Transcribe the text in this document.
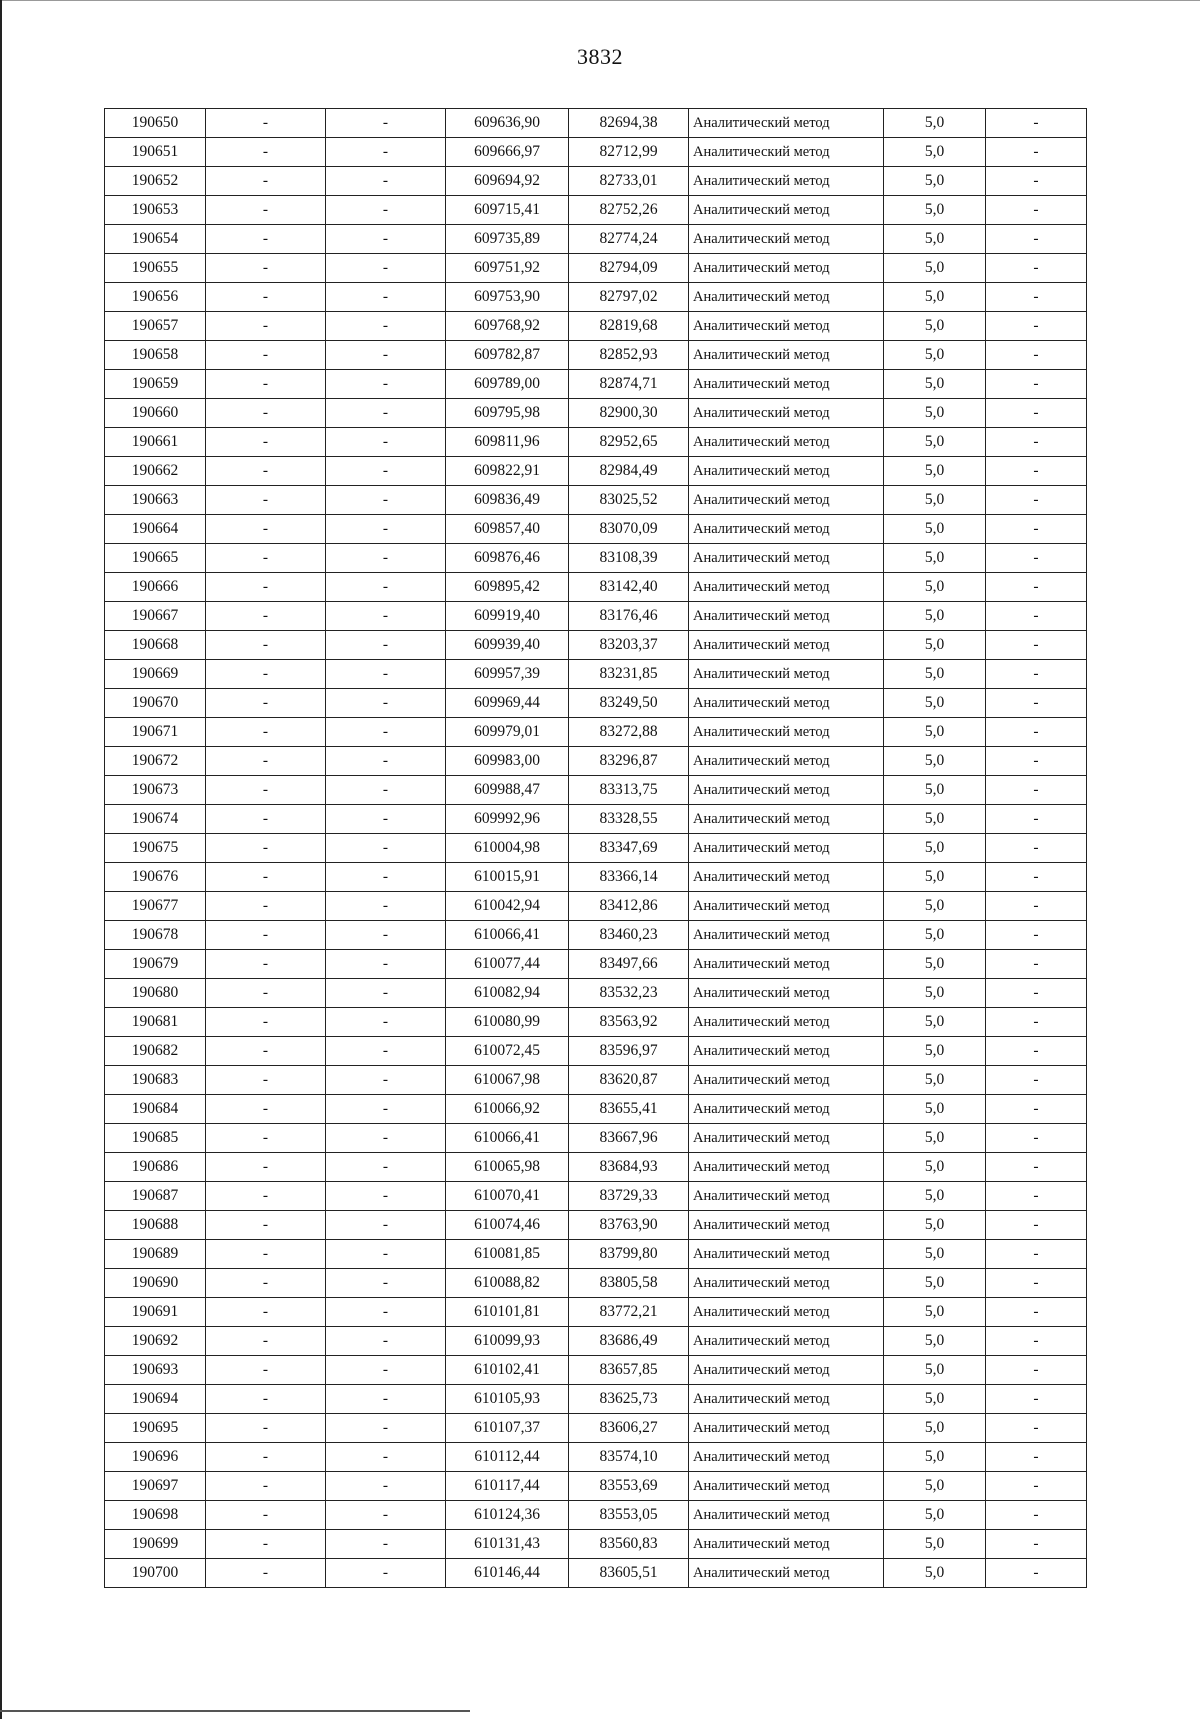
3832
190650	-	-	609636,90	82694,38	Аналитический метод	5,0	-
190651	-	-	609666,97	82712,99	Аналитический метод	5,0	-
190652	-	-	609694,92	82733,01	Аналитический метод	5,0	-
190653	-	-	609715,41	82752,26	Аналитический метод	5,0	-
190654	-	-	609735,89	82774,24	Аналитический метод	5,0	-
190655	-	-	609751,92	82794,09	Аналитический метод	5,0	-
190656	-	-	609753,90	82797,02	Аналитический метод	5,0	-
190657	-	-	609768,92	82819,68	Аналитический метод	5,0	-
190658	-	-	609782,87	82852,93	Аналитический метод	5,0	-
190659	-	-	609789,00	82874,71	Аналитический метод	5,0	-
190660	-	-	609795,98	82900,30	Аналитический метод	5,0	-
190661	-	-	609811,96	82952,65	Аналитический метод	5,0	-
190662	-	-	609822,91	82984,49	Аналитический метод	5,0	-
190663	-	-	609836,49	83025,52	Аналитический метод	5,0	-
190664	-	-	609857,40	83070,09	Аналитический метод	5,0	-
190665	-	-	609876,46	83108,39	Аналитический метод	5,0	-
190666	-	-	609895,42	83142,40	Аналитический метод	5,0	-
190667	-	-	609919,40	83176,46	Аналитический метод	5,0	-
190668	-	-	609939,40	83203,37	Аналитический метод	5,0	-
190669	-	-	609957,39	83231,85	Аналитический метод	5,0	-
190670	-	-	609969,44	83249,50	Аналитический метод	5,0	-
190671	-	-	609979,01	83272,88	Аналитический метод	5,0	-
190672	-	-	609983,00	83296,87	Аналитический метод	5,0	-
190673	-	-	609988,47	83313,75	Аналитический метод	5,0	-
190674	-	-	609992,96	83328,55	Аналитический метод	5,0	-
190675	-	-	610004,98	83347,69	Аналитический метод	5,0	-
190676	-	-	610015,91	83366,14	Аналитический метод	5,0	-
190677	-	-	610042,94	83412,86	Аналитический метод	5,0	-
190678	-	-	610066,41	83460,23	Аналитический метод	5,0	-
190679	-	-	610077,44	83497,66	Аналитический метод	5,0	-
190680	-	-	610082,94	83532,23	Аналитический метод	5,0	-
190681	-	-	610080,99	83563,92	Аналитический метод	5,0	-
190682	-	-	610072,45	83596,97	Аналитический метод	5,0	-
190683	-	-	610067,98	83620,87	Аналитический метод	5,0	-
190684	-	-	610066,92	83655,41	Аналитический метод	5,0	-
190685	-	-	610066,41	83667,96	Аналитический метод	5,0	-
190686	-	-	610065,98	83684,93	Аналитический метод	5,0	-
190687	-	-	610070,41	83729,33	Аналитический метод	5,0	-
190688	-	-	610074,46	83763,90	Аналитический метод	5,0	-
190689	-	-	610081,85	83799,80	Аналитический метод	5,0	-
190690	-	-	610088,82	83805,58	Аналитический метод	5,0	-
190691	-	-	610101,81	83772,21	Аналитический метод	5,0	-
190692	-	-	610099,93	83686,49	Аналитический метод	5,0	-
190693	-	-	610102,41	83657,85	Аналитический метод	5,0	-
190694	-	-	610105,93	83625,73	Аналитический метод	5,0	-
190695	-	-	610107,37	83606,27	Аналитический метод	5,0	-
190696	-	-	610112,44	83574,10	Аналитический метод	5,0	-
190697	-	-	610117,44	83553,69	Аналитический метод	5,0	-
190698	-	-	610124,36	83553,05	Аналитический метод	5,0	-
190699	-	-	610131,43	83560,83	Аналитический метод	5,0	-
190700	-	-	610146,44	83605,51	Аналитический метод	5,0	-
